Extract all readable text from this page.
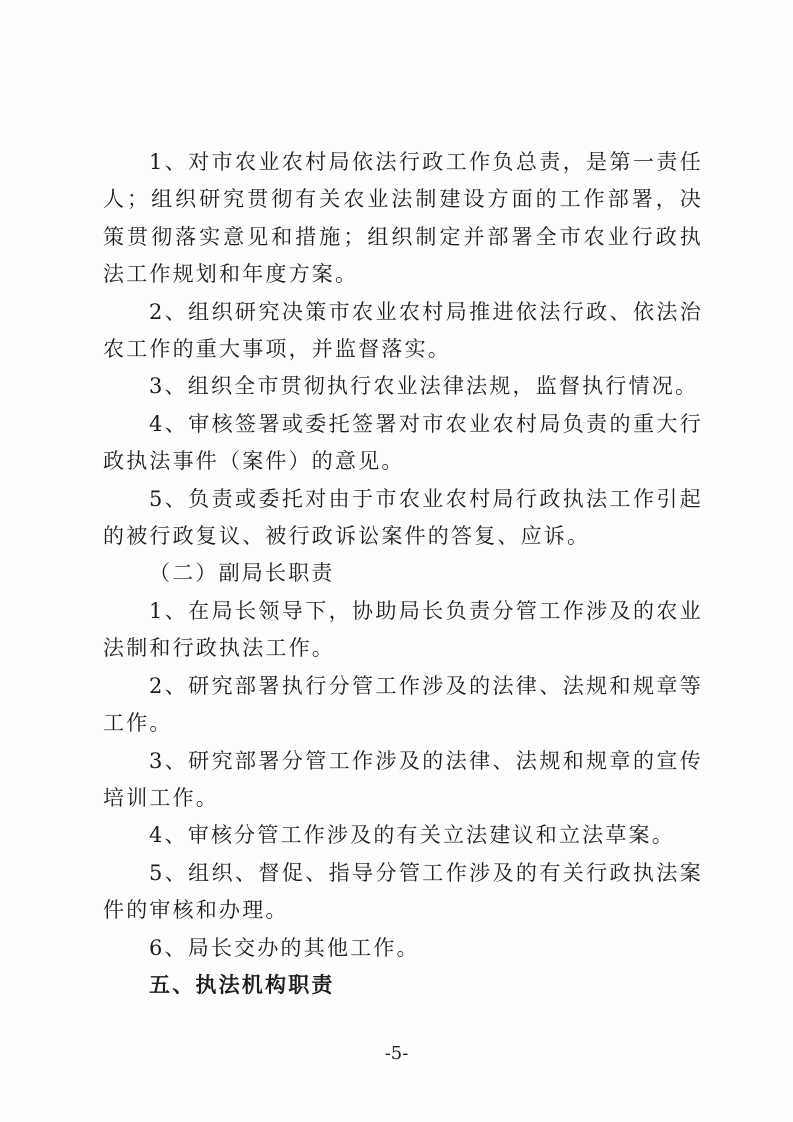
1、对市农业农村局依法行政工作负总责，是第一责任人；组织研究贯彻有关农业法制建设方面的工作部署，决策贯彻落实意见和措施；组织制定并部署全市农业行政执法工作规划和年度方案。

2、组织研究决策市农业农村局推进依法行政、依法治农工作的重大事项，并监督落实。

3、组织全市贯彻执行农业法律法规，监督执行情况。

4、审核签署或委托签署对市农业农村局负责的重大行政执法事件（案件）的意见。

5、负责或委托对由于市农业农村局行政执法工作引起的被行政复议、被行政诉讼案件的答复、应诉。

（二）副局长职责

1、在局长领导下，协助局长负责分管工作涉及的农业法制和行政执法工作。

2、研究部署执行分管工作涉及的法律、法规和规章等工作。

3、研究部署分管工作涉及的法律、法规和规章的宣传培训工作。

4、审核分管工作涉及的有关立法建议和立法草案。

5、组织、督促、指导分管工作涉及的有关行政执法案件的审核和办理。

6、局长交办的其他工作。

五、执法机构职责

-5-
